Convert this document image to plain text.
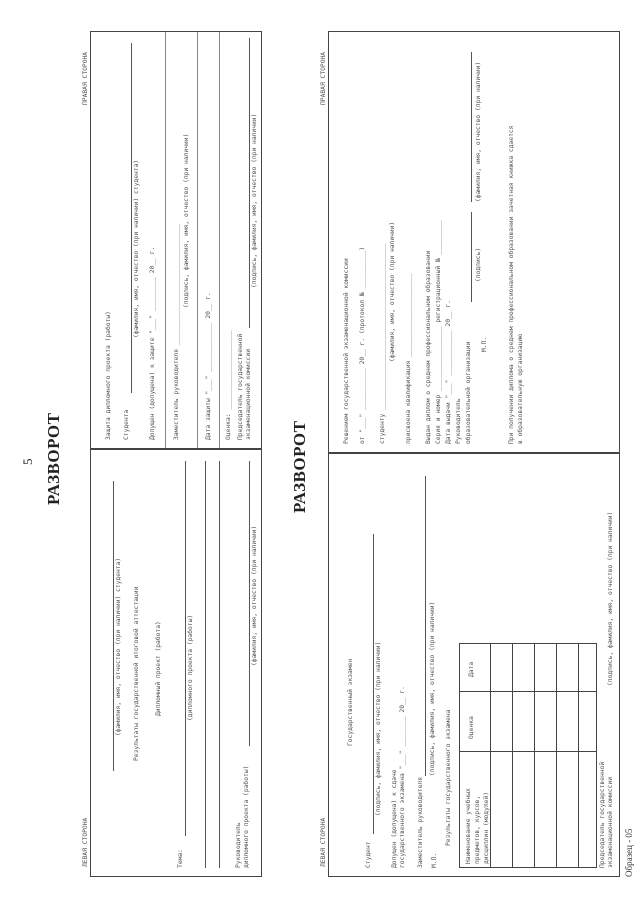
5 РАЗВОРОТ
ЛЕВАЯ СТОРОНА
ПРАВАЯ СТОРОНА
(фамилия, имя, отчество (при наличии) студента) Результаты государственной итоговой аттестации Дипломный проект (работа)
Тема:
(дипломного проекта (работы)
Руководитель дипломного проекта (работы)
(фамилия, имя, отчество (при наличии)
Защита дипломного проекта (работы) Студента
(фамилия, имя, отчество (при наличии) студента) Допущен (допущена) к защите "___" _________ 20__ г.	Заместитель руководителя ________________________________
(подпись, фамилия, имя, отчество (при наличии)
Дата защиты "___" _____________ 20__ г. Оценка: _____________________ Председатель государственной экзаменационной комиссии
(подпись, фамилия, имя, отчество (при наличии)
РАЗВОРОТ
ЛЕВАЯ СТОРОНА
ПРАВАЯ СТОРОНА
Государственный экзамен
Студент
(подпись, фамилия, имя, отчество (при наличии)
Допущен (допущена) к сдаче государственного экзамена "___" ________ 20__ г. Заместитель руководителя М.П.
(подпись, фамилия, имя, отчество (при наличии)
Результаты государственного экзамена Наименование учебных предметов, курсов, дисциплин (модулей)
Оценка
Дата
Председатель государственной экзаменационной комиссии
(подпись, фамилия, имя, отчество (при наличии)
Решением государственной экзаменационной комиссии от "___" ___________ 20__ г. (протокол № __________) студенту ____________________________________________ (фамилия, имя, отчество (при наличии) присвоена квалификация ______________________ Выдан диплом о среднем профессиональном образовании Серия и номер _________________ регистрационный № _________ Дата выдачи "___" ____________ 20__ г. Руководитель образовательной организации М.П.
(подпись)
(фамилия, имя, отчество (при наличии)	При получении диплома о среднем профессиональном образовании зачетная книжка сдается в образовательную организацию
Образец - 05
